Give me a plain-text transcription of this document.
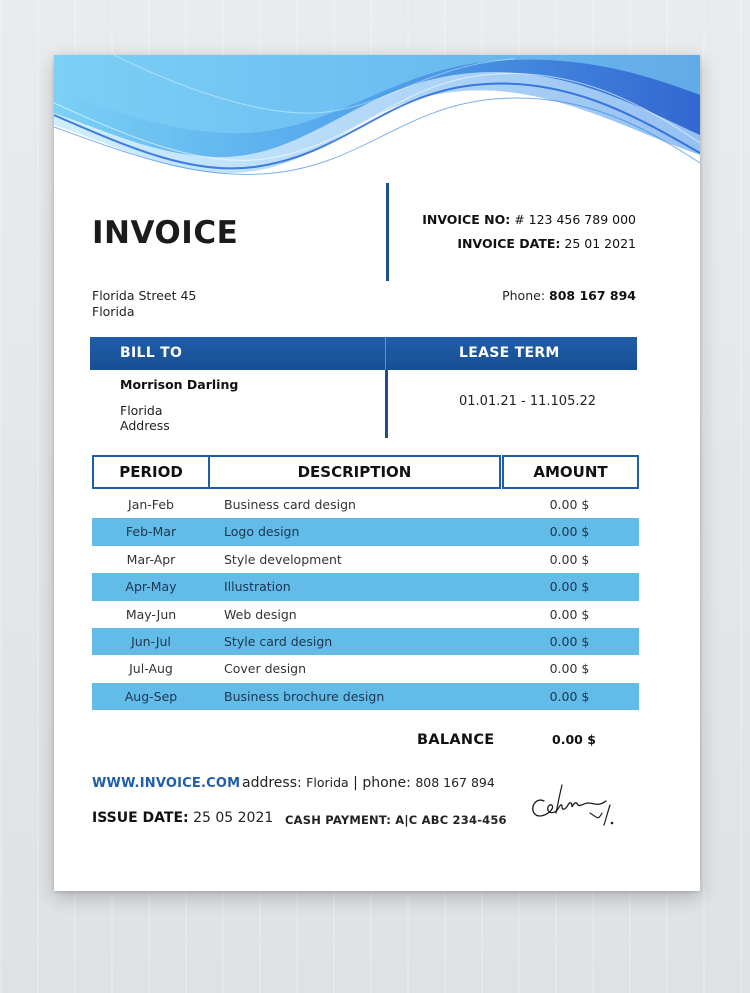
INVOICE	INVOICE NO: # 123 456 789 000
INVOICE DATE: 25 01 2021
Florida Street 45
Florida
Phone: 808 167 894
BILL TO	LEASE TERM
Morrison Darling
Florida
Address
01.01.21 - 11.105.22
PERIOD	DESCRIPTION	AMOUNT
Jan-Feb	Business card design	0.00 $
Feb-Mar	Logo design	0.00 $
Mar-Apr	Style development	0.00 $
Apr-May	Illustration	0.00 $
May-Jun	Web design	0.00 $
Jun-Jul	Style card design	0.00 $
Jul-Aug	Cover design	0.00 $
Aug-Sep	Business brochure design	0.00 $
BALANCE	0.00 $
WWW.INVOICE.COM address: Florida | phone: 808 167 894
ISSUE DATE: 25 05 2021 CASH PAYMENT: A|C ABC 234-456
